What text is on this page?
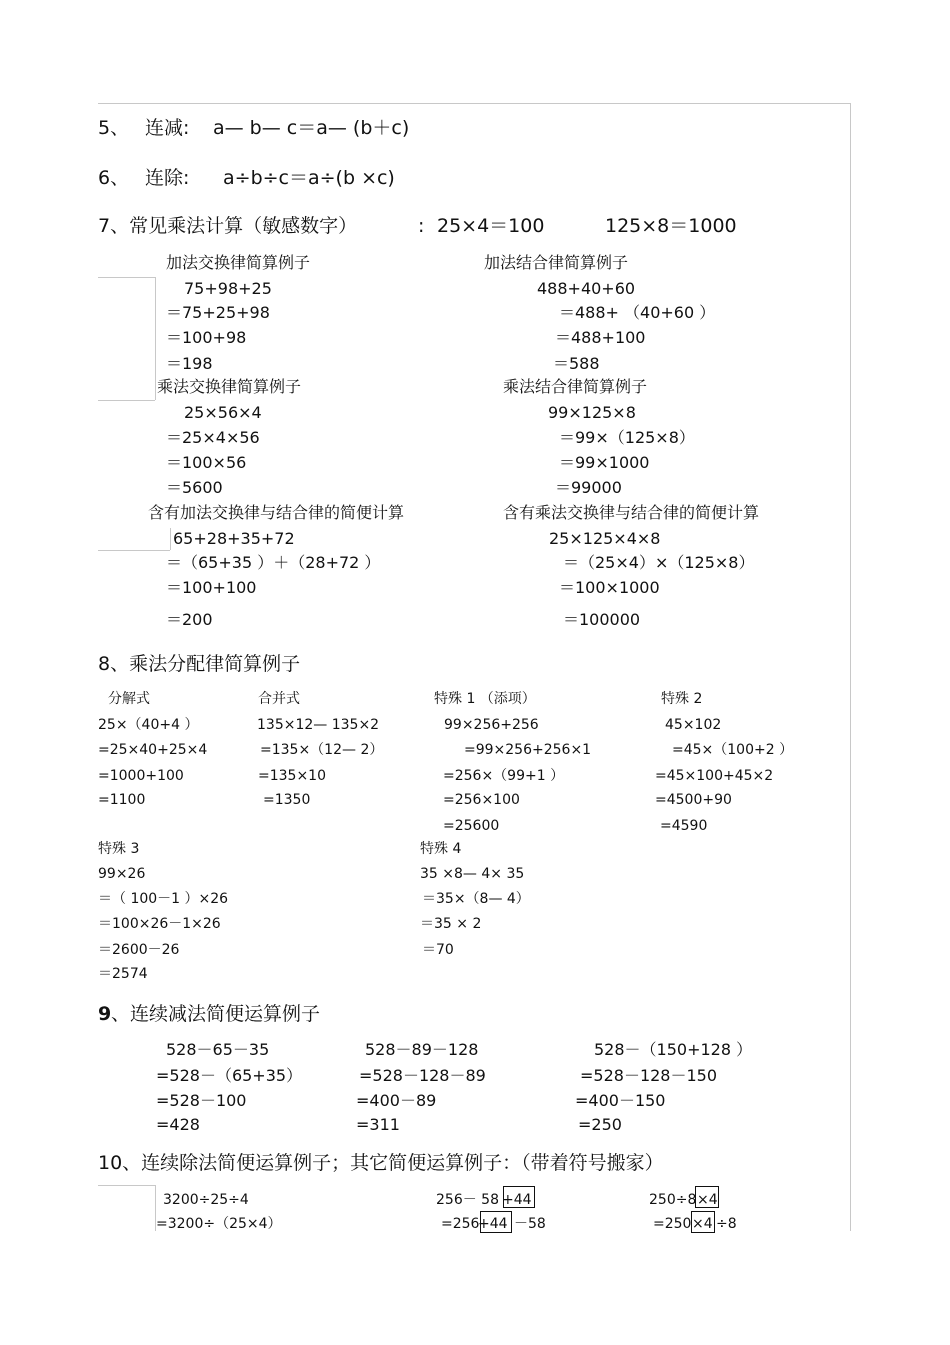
5、 连减: a— b— c＝a— (b＋c)
6、 连除: a÷b÷c＝a÷(b ×c)
7、常见乘法计算（敏感数字）	: 25×4＝100	125×8＝1000
加法交换律简算例子
75+98+25
＝75+25+98
＝100+98
＝198
加法结合律简算例子
488+40+60
＝488+ （40+60 ）
＝488+100
＝588
乘法交换律简算例子
25×56×4
＝25×4×56
＝100×56
＝5600
乘法结合律简算例子
99×125×8
＝99×（125×8）
＝99×1000
＝99000
含有加法交换律与结合律的简便计算
65+28+35+72
＝（65+35 ）＋（28+72 ）
＝100+100
＝200
含有乘法交换律与结合律的简便计算
25×125×4×8
＝（25×4）×（125×8）
＝100×1000
＝100000
8、乘法分配律简算例子
分解式
25×（40+4 ）
=25×40+25×4
=1000+100
=1100
合并式
135×12— 135×2
=135×（12— 2）
=135×10
=1350
特殊 1 （添项）
99×256+256
=99×256+256×1
=256×（99+1 ）
=256×100
=25600
特殊 2
45×102
=45×（100+2 ）
=45×100+45×2
=4500+90
=4590
特殊 3
99×26
＝（ 100－1 ）×26
＝100×26－1×26
＝2600－26
＝2574
特殊 4
35 ×8— 4× 35
＝35×（8— 4）
＝35 × 2
＝70
9 、连续减法简便运算例子
528－65－35
=528－（65+35）
=528－100
=428
528－89－128
=528－128－89
=400－89
=311
528－（150+128 ）
=528－128－150
=400－150
=250
10、连续除法简便运算例子；其它简便运算例子：（带着符号搬家）
3200÷25÷4
=3200÷（25×4）
256－ 58 +44
=256
+44 －58
250÷8 ×4
=250 ×4 ÷8
